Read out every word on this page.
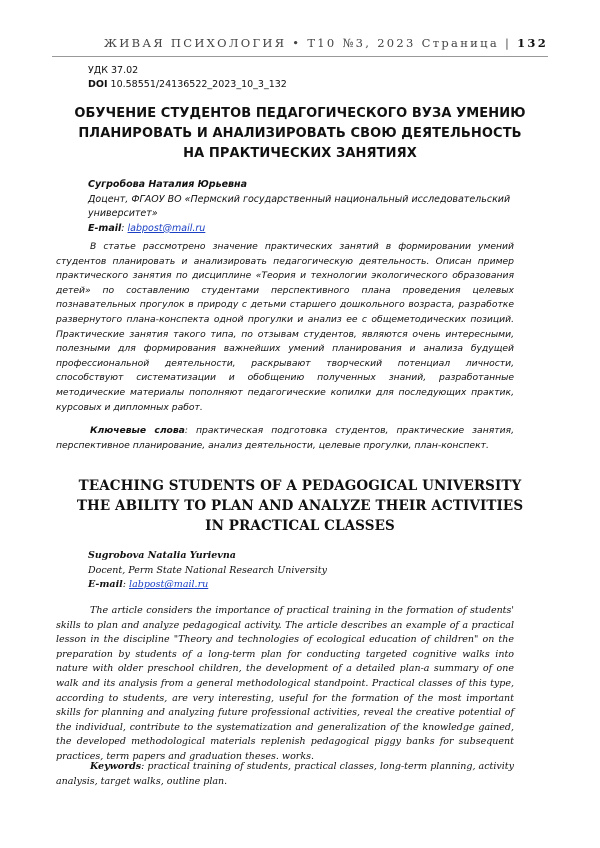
ЖИВАЯ ПСИХОЛОГИЯ • Т10 №3, 2023 Страница | 132
УДК 37.02
DOI 10.58551/24136522_2023_10_3_132
ОБУЧЕНИЕ СТУДЕНТОВ ПЕДАГОГИЧЕСКОГО ВУЗА УМЕНИЮ ПЛАНИРОВАТЬ И АНАЛИЗИРОВАТЬ СВОЮ ДЕЯТЕЛЬНОСТЬ НА ПРАКТИЧЕСКИХ ЗАНЯТИЯХ
Сугробова Наталия Юрьевна
Доцент, ФГАОУ ВО «Пермский государственный национальный исследовательский университет»
E-mail: labpost@mail.ru

В статье рассмотрено значение практических занятий в формировании умений студентов планировать и анализировать педагогическую деятельность. Описан пример практического занятия по дисциплине «Теория и технологии экологического образования детей» по составлению студентами перспективного плана проведения целевых познавательных прогулок в природу с детьми старшего дошкольного возраста, разработке развернутого плана-конспекта одной прогулки и анализ ее с общеметодических позиций. Практические занятия такого типа, по отзывам студентов, являются очень интересными, полезными для формирования важнейших умений планирования и анализа будущей профессиональной деятельности, раскрывают творческий потенциал личности, способствуют систематизации и обобщению полученных знаний, разработанные методические материалы пополняют педагогические копилки для последующих практик, курсовых и дипломных работ.

Ключевые слова: практическая подготовка студентов, практические занятия, перспективное планирование, анализ деятельности, целевые прогулки, план-конспект.

TEACHING STUDENTS OF A PEDAGOGICAL UNIVERSITY THE ABILITY TO PLAN AND ANALYZE THEIR ACTIVITIES IN PRACTICAL CLASSES
Sugrobova Natalia Yurievna
Docent, Perm State National Research University
E-mail: labpost@mail.ru

The article considers the importance of practical training in the formation of students' skills to plan and analyze pedagogical activity. The article describes an example of a practical lesson in the discipline "Theory and technologies of ecological education of children" on the preparation by students of a long-term plan for conducting targeted cognitive walks into nature with older preschool children, the development of a detailed plan-a summary of one walk and its analysis from a general methodological standpoint. Practical classes of this type, according to students, are very interesting, useful for the formation of the most important skills for planning and analyzing future professional activities, reveal the creative potential of the individual, contribute to the systematization and generalization of the knowledge gained, the developed methodological materials replenish pedagogical piggy banks for subsequent practices, term papers and graduation theses. works.

Keywords: practical training of students, practical classes, long-term planning, activity analysis, target walks, outline plan.
